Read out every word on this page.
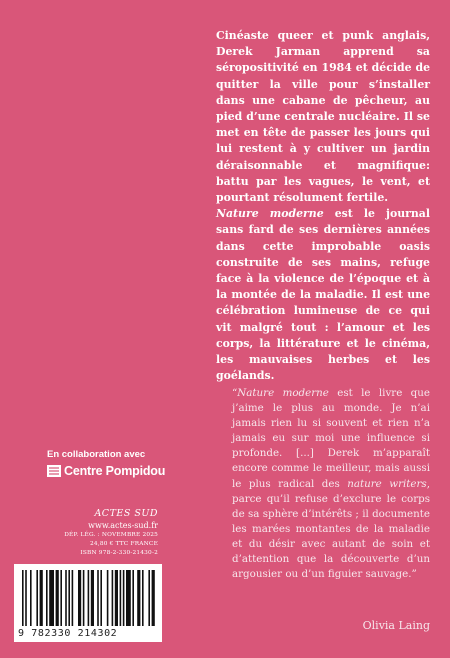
Cinéaste queer et punk anglais, Derek Jarman apprend sa séropositivité en 1984 et décide de quitter la ville pour s’installer dans une cabane de pêcheur, au pied d’une centrale nucléaire. Il se met en tête de passer les jours qui lui restent à y cultiver un jardin déraisonnable et magnifique: battu par les vagues, le vent, et pourtant résolument fertile.

Nature moderne est le journal sans fard de ses dernières années dans cette improbable oasis construite de ses mains, refuge face à la violence de l’époque et à la montée de la maladie. Il est une célébration lumineuse de ce qui vit malgré tout : l’amour et les corps, la littérature et le cinéma, les mauvaises herbes et les goélands.

“Nature moderne est le livre que j’aime le plus au monde. Je n’ai jamais rien lu si souvent et rien n’a jamais eu sur moi une influence si profonde. [...] Derek m’apparaît encore comme le meilleur, mais aussi le plus radical des nature writers, parce qu’il refuse d’exclure le corps de sa sphère d’intérêts ; il documente les marées montantes de la maladie et du désir avec autant de soin et d’attention que la découverte d’un argousier ou d’un figuier sauvage.”

Olivia Laing
En collaboration avec
Centre Pompidou
ACTES SUD
www.actes-sud.fr
DÉP. LÉG. : NOVEMBRE 2025
24,80 € TTC FRANCE
ISBN 978-2-330-21430-2
9 782330 214302
